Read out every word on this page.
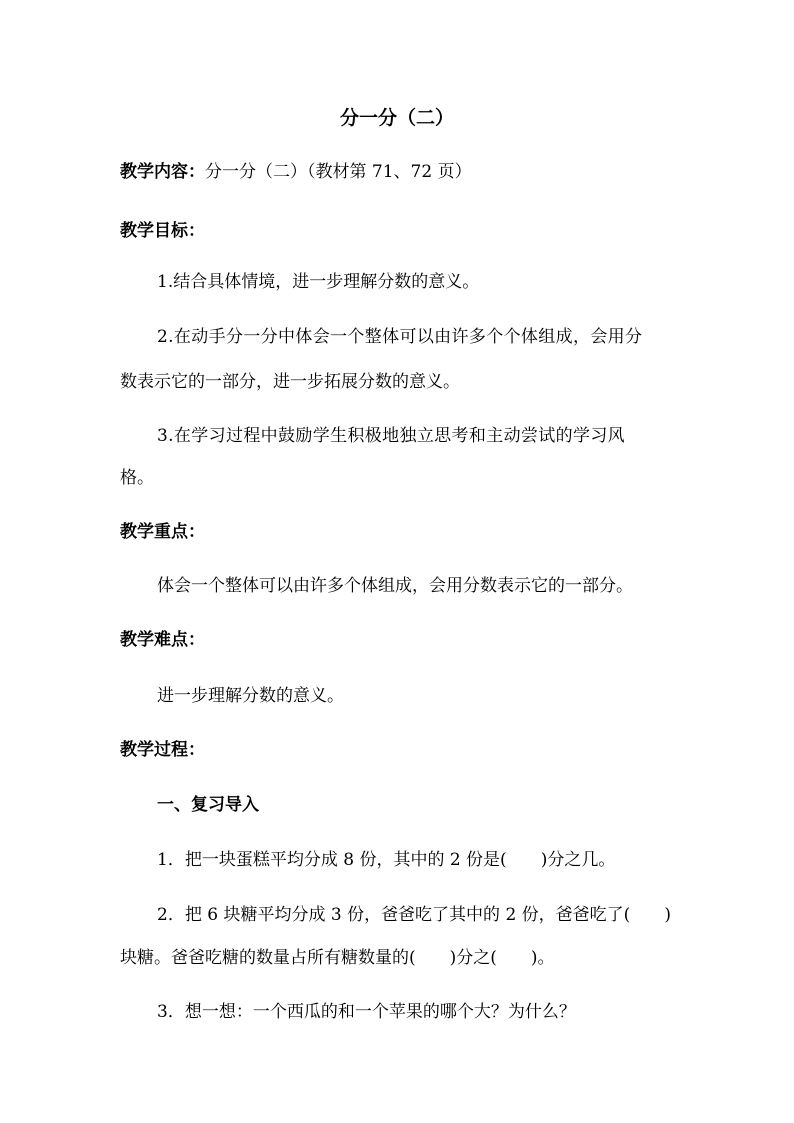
分一分（二）
教学内容：分一分（二）（教材第 71、72 页）
教学目标：
1.结合具体情境，进一步理解分数的意义。
2.在动手分一分中体会一个整体可以由许多个个体组成，会用分
数表示它的一部分，进一步拓展分数的意义。
3.在学习过程中鼓励学生积极地独立思考和主动尝试的学习风
格。
教学重点：
体会一个整体可以由许多个体组成，会用分数表示它的一部分。
教学难点：
进一步理解分数的意义。
教学过程：
一、复习导入
1．把一块蛋糕平均分成 8 份，其中的 2 份是(　　)分之几。
2．把 6 块糖平均分成 3 份，爸爸吃了其中的 2 份，爸爸吃了(　　)
块糖。爸爸吃糖的数量占所有糖数量的(　　)分之(　　)。
3．想一想：一个西瓜的和一个苹果的哪个大？为什么？
